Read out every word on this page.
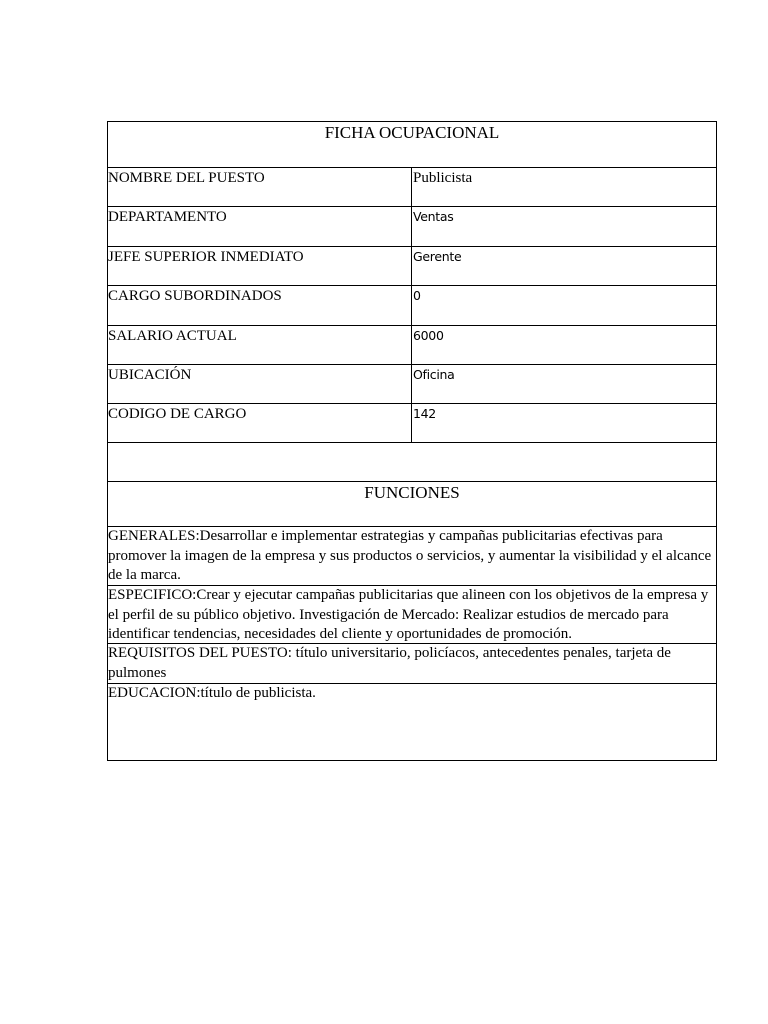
FICHA OCUPACIONAL
NOMBRE DEL PUESTO	Publicista
DEPARTAMENTO	Ventas
JEFE SUPERIOR INMEDIATO	Gerente
CARGO SUBORDINADOS	0
SALARIO ACTUAL	6000
UBICACIÓN	Oficina
CODIGO DE CARGO	142
FUNCIONES
GENERALES:Desarrollar e implementar estrategias y campañas publicitarias efectivas para promover la imagen de la empresa y sus productos o servicios, y aumentar la visibilidad y el alcance de la marca.
ESPECIFICO:Crear y ejecutar campañas publicitarias que alineen con los objetivos de la empresa y el perfil de su público objetivo. Investigación de Mercado: Realizar estudios de mercado para identificar tendencias, necesidades del cliente y oportunidades de promoción.
REQUISITOS DEL PUESTO: título universitario, policíacos, antecedentes penales, tarjeta de pulmones
EDUCACION:título de publicista.
